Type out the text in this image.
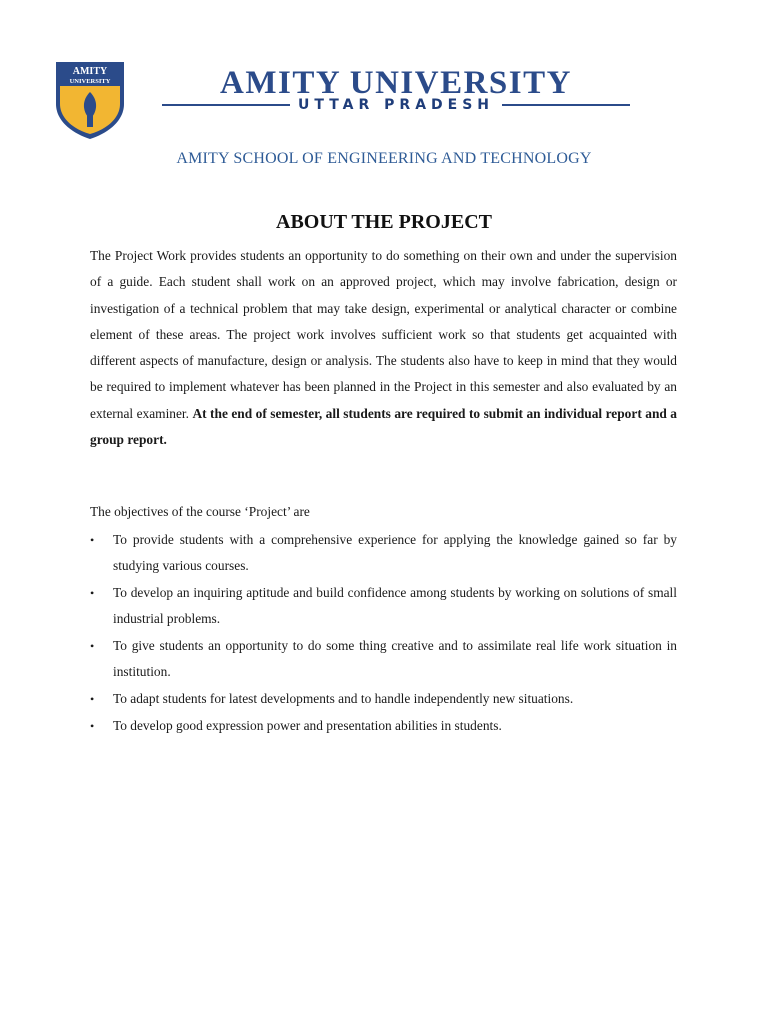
AMITY
UNIVERSITY	AMITY UNIVERSITY
UTTAR PRADESH
AMITY SCHOOL OF ENGINEERING AND TECHNOLOGY
ABOUT THE PROJECT
The Project Work provides students an opportunity to do something on their own and under the supervision of a guide. Each student shall work on an approved project, which may involve fabrication, design or investigation of a technical problem that may take design, experimental or analytical character or combine element of these areas. The project work involves sufficient work so that students get acquainted with different aspects of manufacture, design or analysis. The students also have to keep in mind that they would be required to implement whatever has been planned in the Project in this semester and also evaluated by an external examiner. At the end of semester, all students are required to submit an individual report and a group report.
The objectives of the course ‘Project’ are
• To provide students with a comprehensive experience for applying the knowledge gained so far by studying various courses.
• To develop an inquiring aptitude and build confidence among students by working on solutions of small industrial problems.
• To give students an opportunity to do some thing creative and to assimilate real life work situation in institution.
• To adapt students for latest developments and to handle independently new situations.
• To develop good expression power and presentation abilities in students.
